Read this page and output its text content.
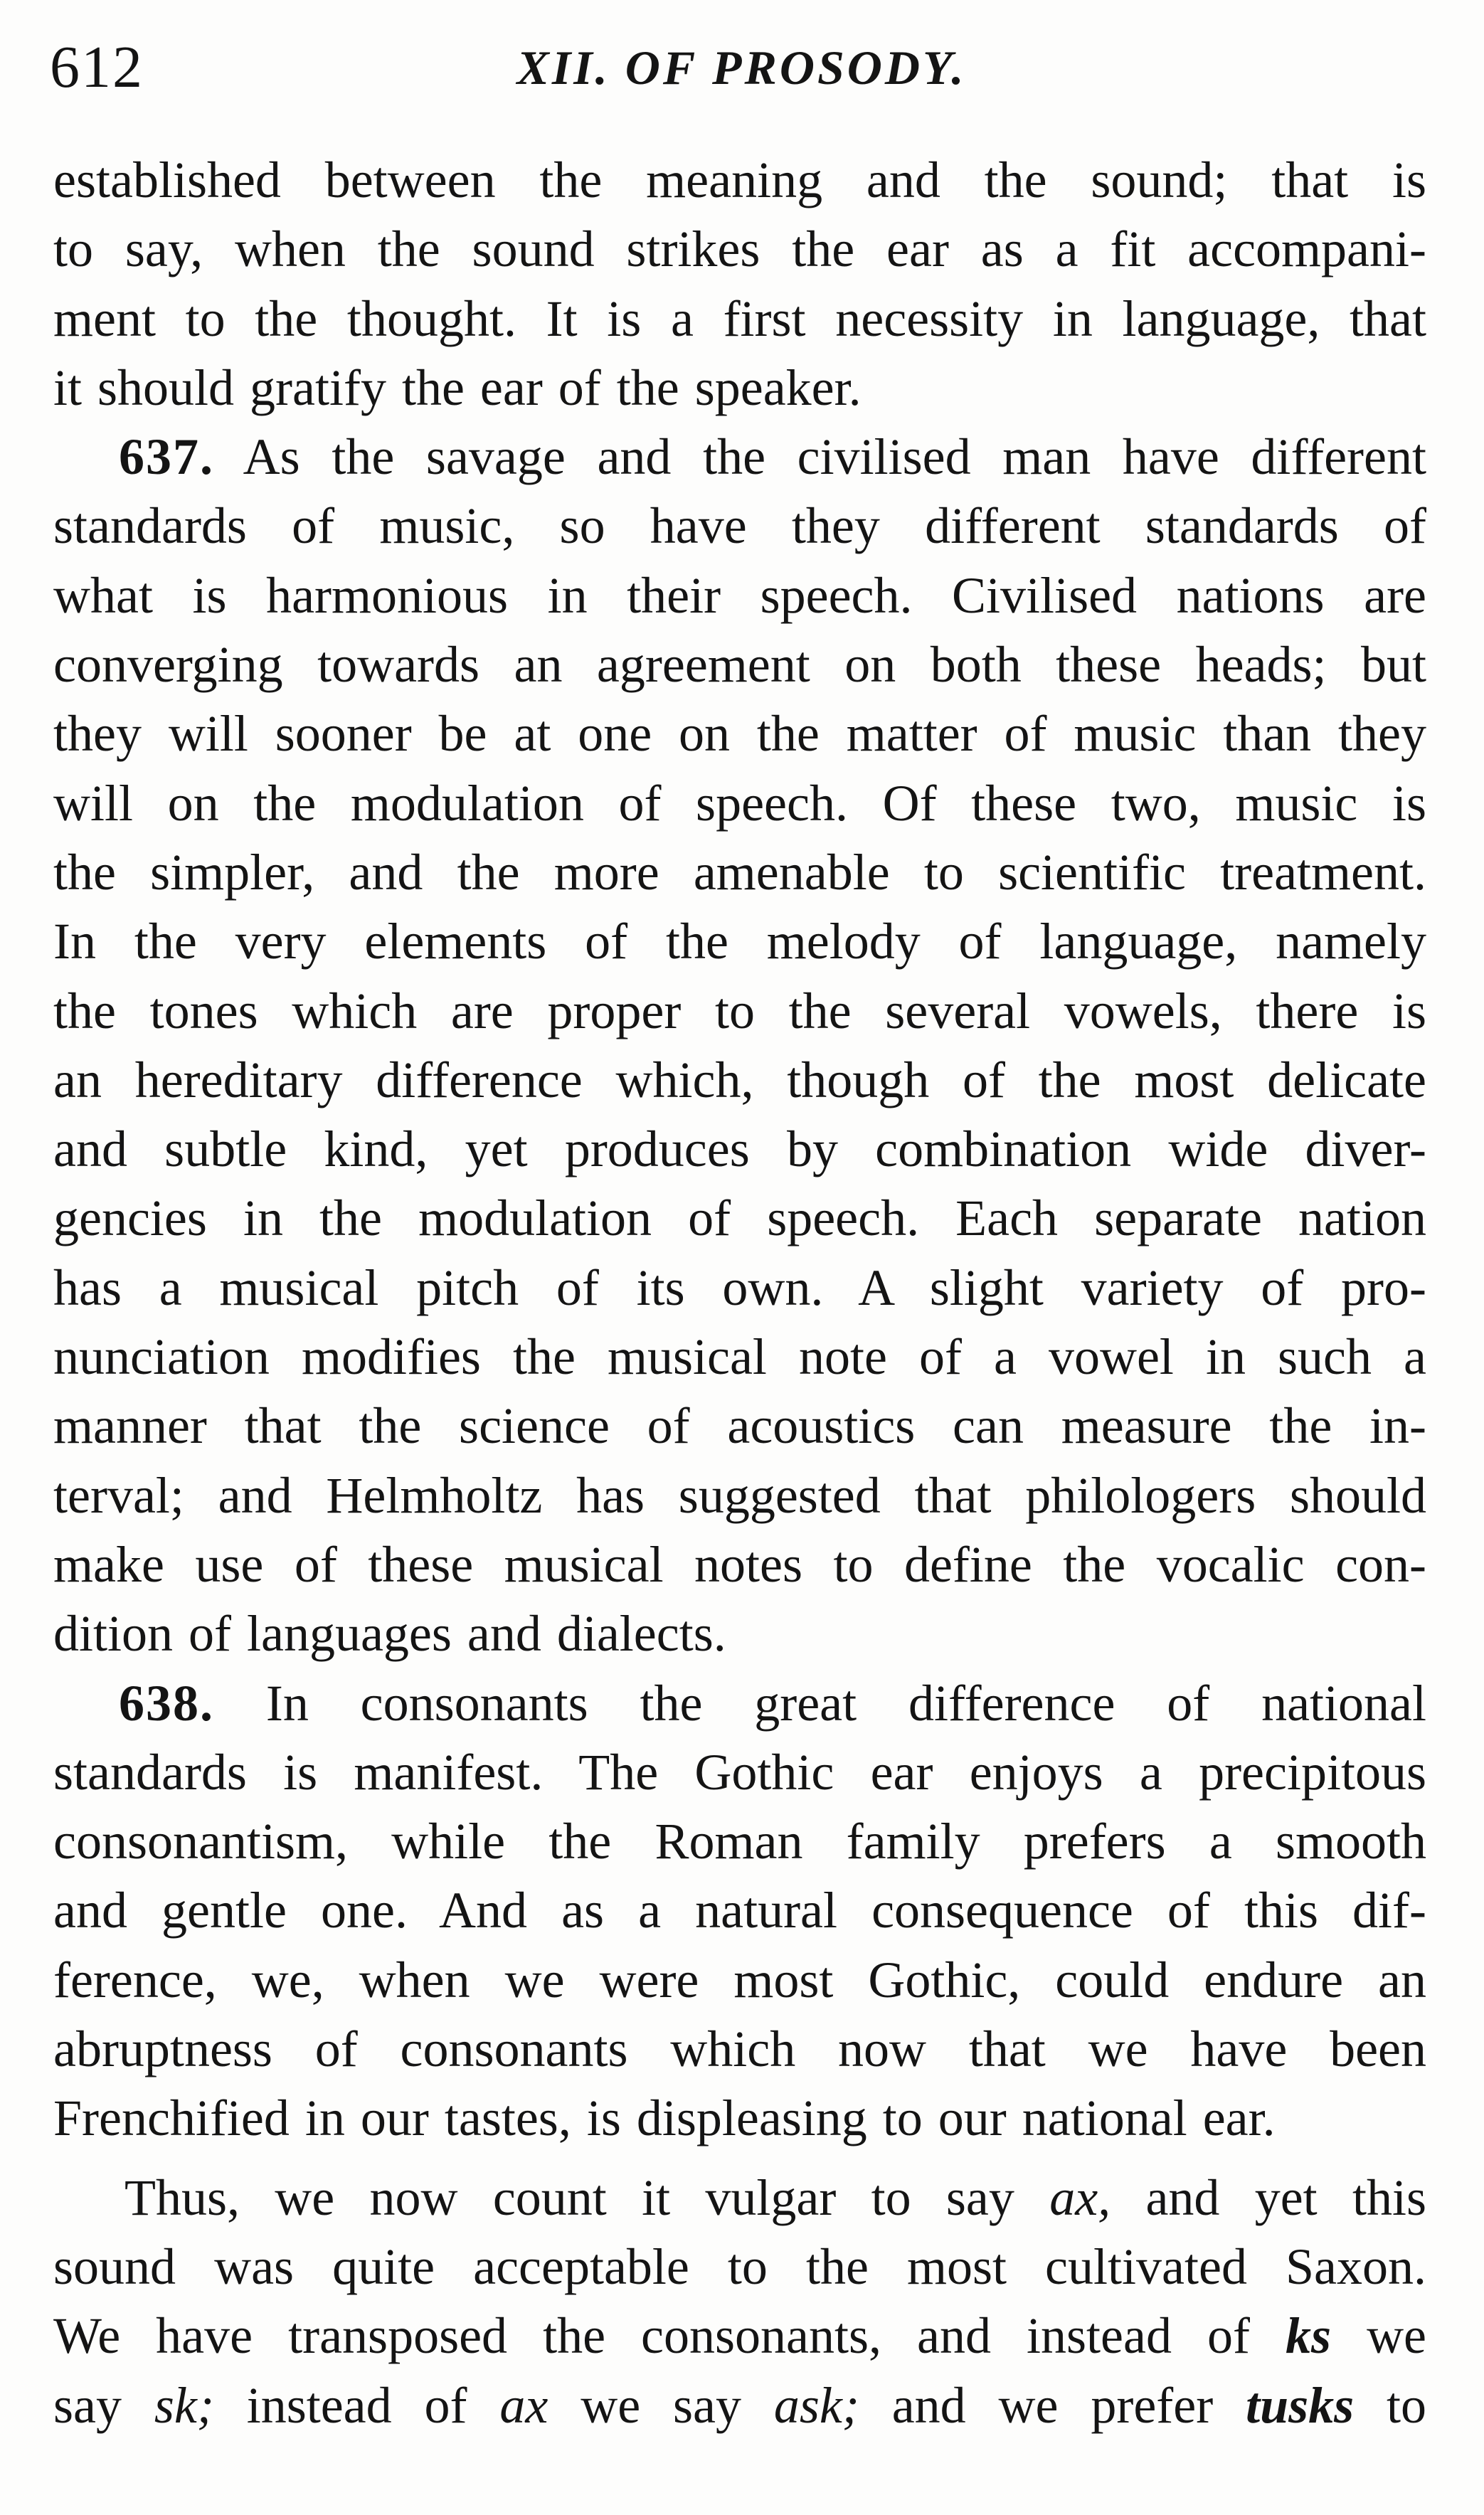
612	XII. OF PROSODY.
established between the meaning and the sound; that is
to say, when the sound strikes the ear as a fit accompani-
ment to the thought. It is a first necessity in language, that
it should gratify the ear of the speaker.
637. As the savage and the civilised man have different
standards of music, so have they different standards of
what is harmonious in their speech. Civilised nations are
converging towards an agreement on both these heads; but
they will sooner be at one on the matter of music than they
will on the modulation of speech. Of these two, music is
the simpler, and the more amenable to scientific treatment.
In the very elements of the melody of language, namely
the tones which are proper to the several vowels, there is
an hereditary difference which, though of the most delicate
and subtle kind, yet produces by combination wide diver-
gencies in the modulation of speech. Each separate nation
has a musical pitch of its own. A slight variety of pro-
nunciation modifies the musical note of a vowel in such a
manner that the science of acoustics can measure the in-
terval; and Helmholtz has suggested that philologers should
make use of these musical notes to define the vocalic con-
dition of languages and dialects.
638. In consonants the great difference of national
standards is manifest. The Gothic ear enjoys a precipitous
consonantism, while the Roman family prefers a smooth
and gentle one. And as a natural consequence of this dif-
ference, we, when we were most Gothic, could endure an
abruptness of consonants which now that we have been
Frenchified in our tastes, is displeasing to our national ear.
Thus, we now count it vulgar to say ax, and yet this
sound was quite acceptable to the most cultivated Saxon.
We have transposed the consonants, and instead of ks we
say sk; instead of ax we say ask; and we prefer tusks to
